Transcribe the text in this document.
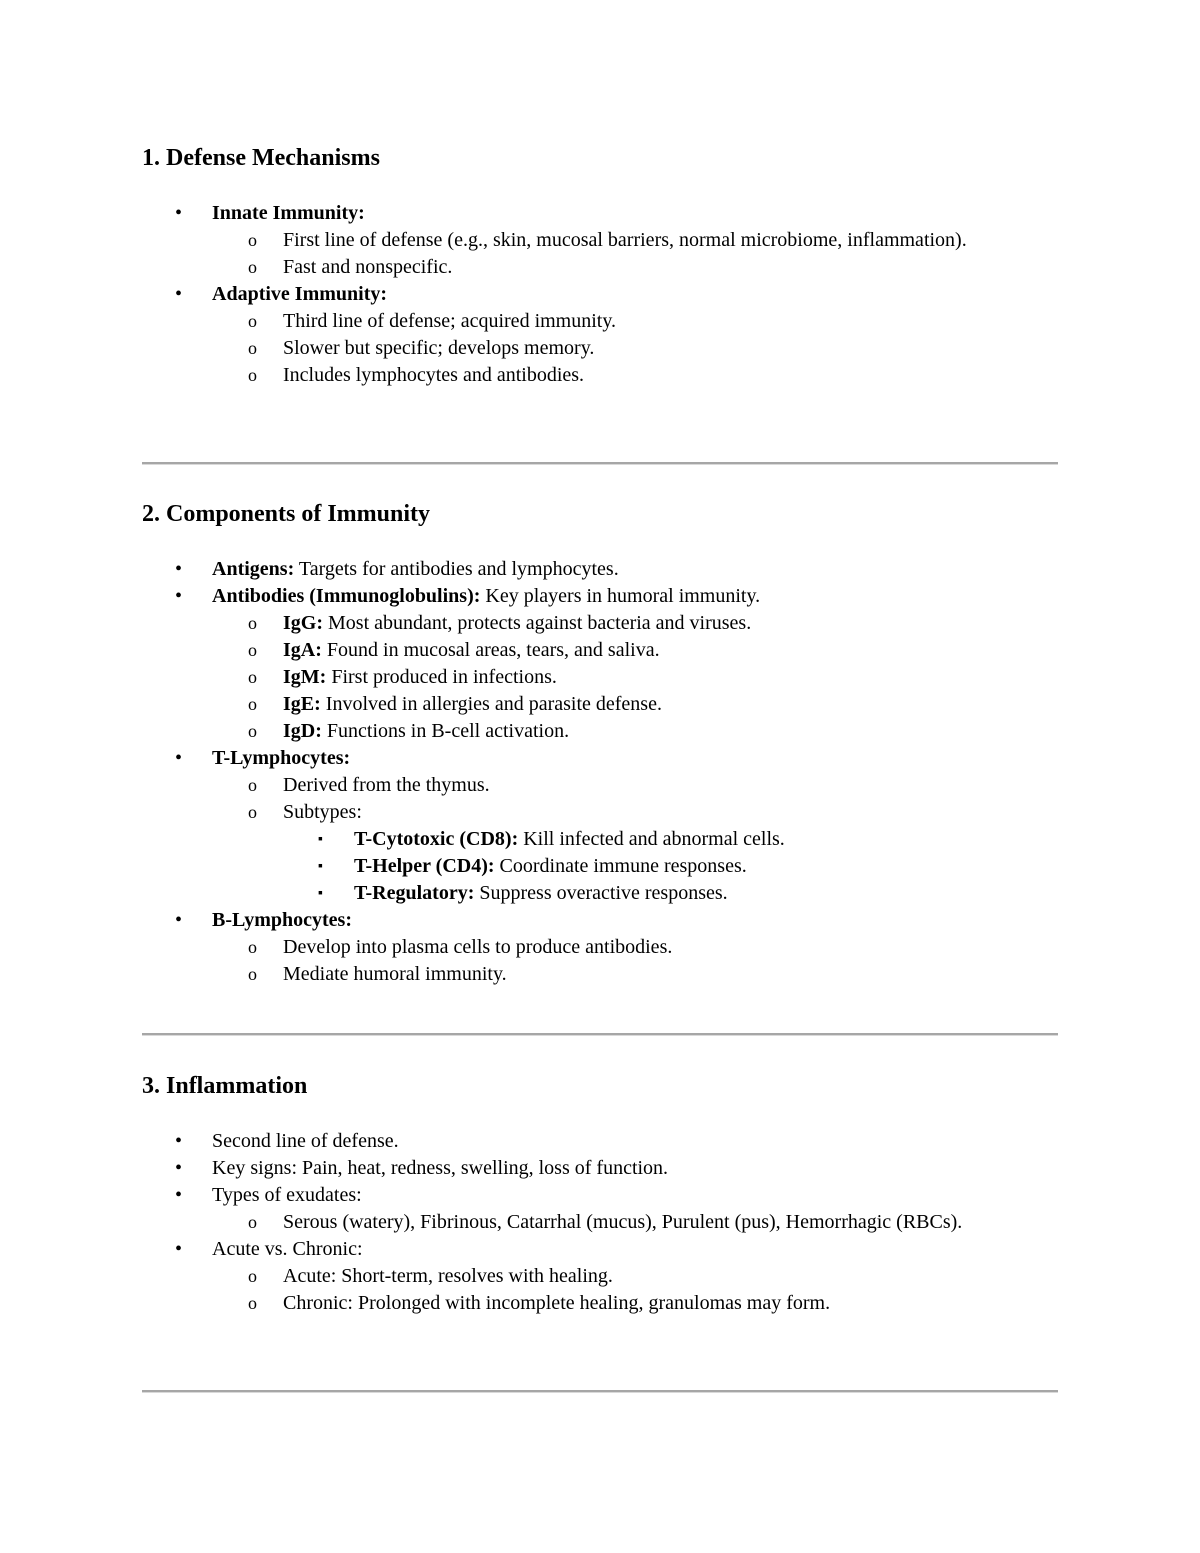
1. Defense Mechanisms
• Innate Immunity:
o First line of defense (e.g., skin, mucosal barriers, normal microbiome, inflammation).
o Fast and nonspecific.
• Adaptive Immunity:
o Third line of defense; acquired immunity.
o Slower but specific; develops memory.
o Includes lymphocytes and antibodies.
2. Components of Immunity
• Antigens: Targets for antibodies and lymphocytes.
• Antibodies (Immunoglobulins): Key players in humoral immunity.
o IgG: Most abundant, protects against bacteria and viruses.
o IgA: Found in mucosal areas, tears, and saliva.
o IgM: First produced in infections.
o IgE: Involved in allergies and parasite defense.
o IgD: Functions in B-cell activation.
• T-Lymphocytes:
o Derived from the thymus.
o Subtypes:
▪ T-Cytotoxic (CD8): Kill infected and abnormal cells.
▪ T-Helper (CD4): Coordinate immune responses.
▪ T-Regulatory: Suppress overactive responses.
• B-Lymphocytes:
o Develop into plasma cells to produce antibodies.
o Mediate humoral immunity.
3. Inflammation
• Second line of defense.
• Key signs: Pain, heat, redness, swelling, loss of function.
• Types of exudates:
o Serous (watery), Fibrinous, Catarrhal (mucus), Purulent (pus), Hemorrhagic (RBCs).
• Acute vs. Chronic:
o Acute: Short-term, resolves with healing.
o Chronic: Prolonged with incomplete healing, granulomas may form.
